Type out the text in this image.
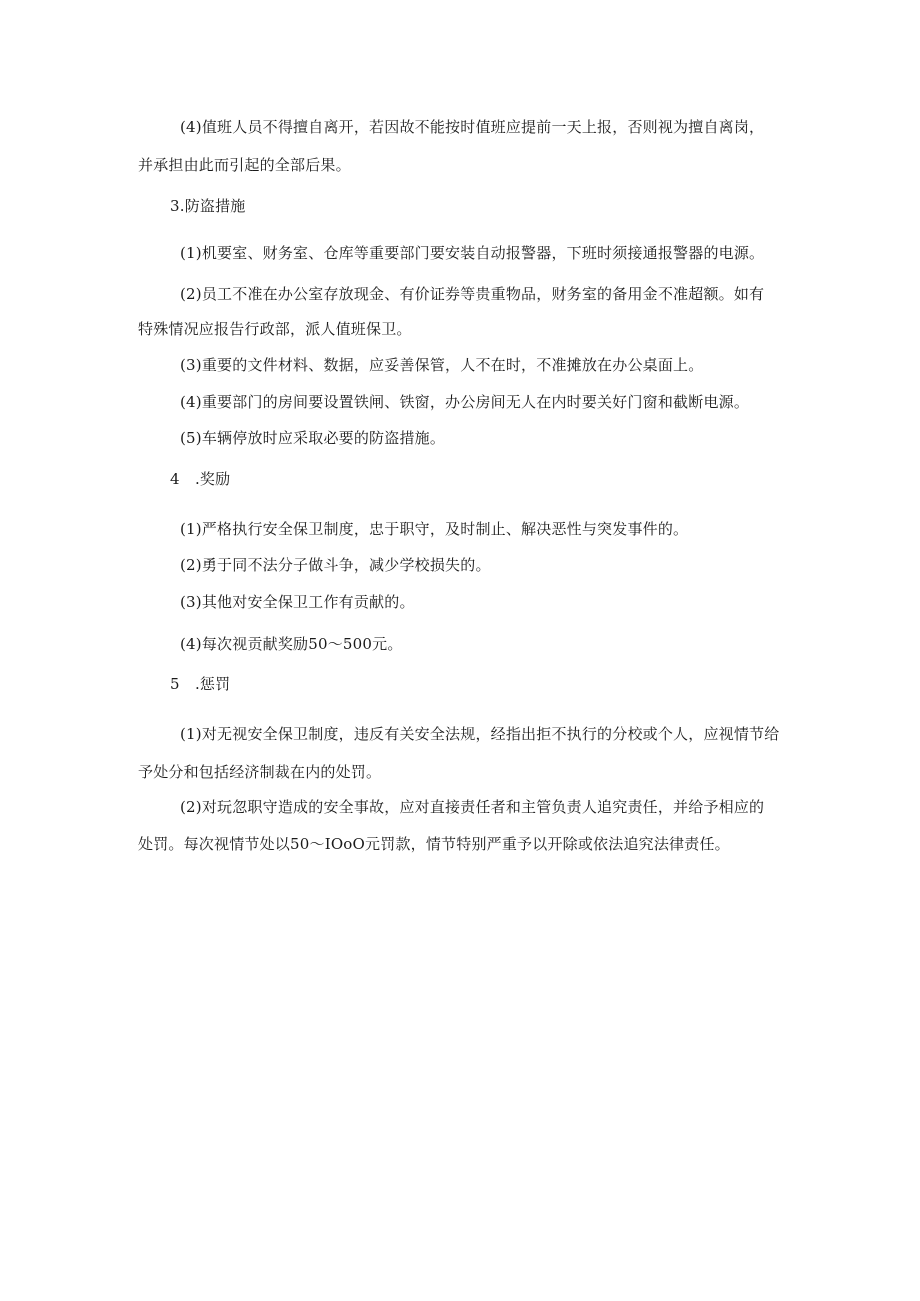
(4)值班人员不得擅自离开，若因故不能按时值班应提前一天上报，否则视为擅自离岗，
并承担由此而引起的全部后果。
3.防盗措施
(1)机要室、财务室、仓库等重要部门要安装自动报警器，下班时须接通报警器的电源。
(2)员工不准在办公室存放现金、有价证券等贵重物品，财务室的备用金不准超额。如有
特殊情况应报告行政部，派人值班保卫。
(3)重要的文件材料、数据，应妥善保管，人不在时，不准摊放在办公桌面上。
(4)重要部门的房间要设置铁闸、铁窗，办公房间无人在内时要关好门窗和截断电源。
(5)车辆停放时应采取必要的防盗措施。
4　.奖励
(1)严格执行安全保卫制度，忠于职守，及时制止、解决恶性与突发事件的。
(2)勇于同不法分子做斗争，减少学校损失的。
(3)其他对安全保卫工作有贡献的。
(4)每次视贡献奖励50～500元。
5　.惩罚
(1)对无视安全保卫制度，违反有关安全法规，经指出拒不执行的分校或个人，应视情节给
予处分和包括经济制裁在内的处罚。
(2)对玩忽职守造成的安全事故，应对直接责任者和主管负责人追究责任，并给予相应的
处罚。每次视情节处以50～IOoO元罚款，情节特别严重予以开除或依法追究法律责任。
